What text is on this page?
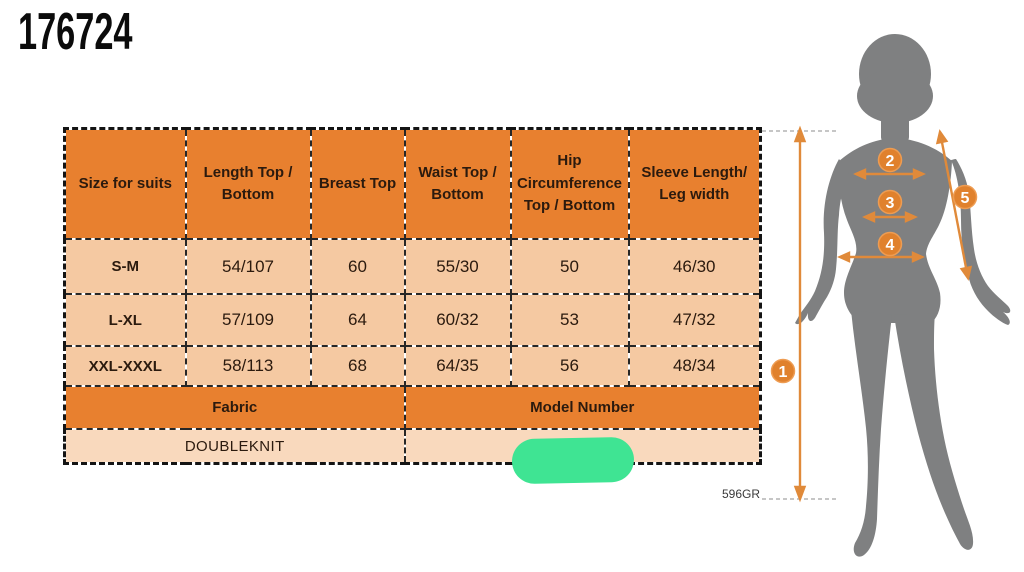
176724
Size for suits	Length Top / Bottom	Breast Top	Waist Top / Bottom	Hip Circumference Top / Bottom	Sleeve Length/ Leg width
S-M	54/107	60	55/30	50	46/30
L-XL	57/109	64	60/32	53	47/32
XXL-XXXL	58/113	68	64/35	56	48/34
Fabric			Model Number		
DOUBLEKNIT					
596GR
1
2
3
4
5
